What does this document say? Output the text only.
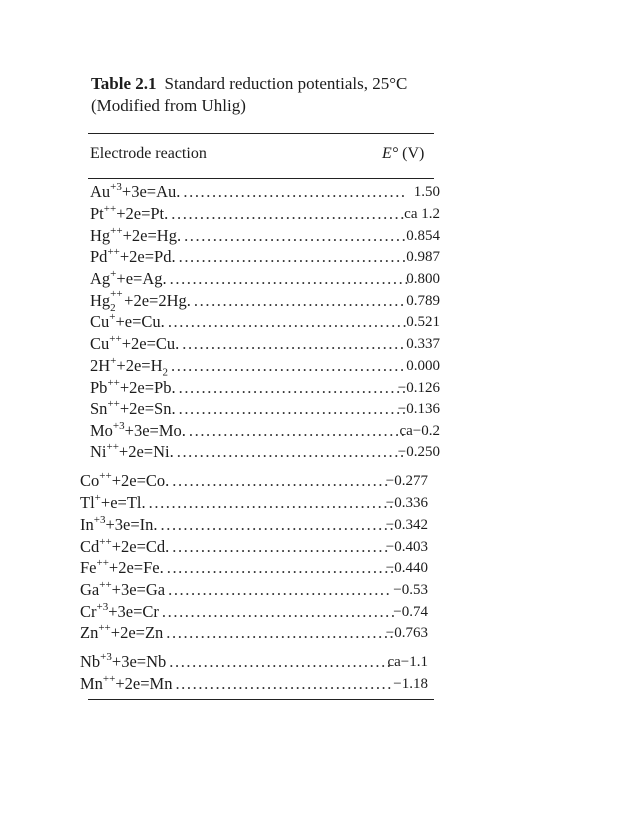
Table 2.1 Standard reduction potentials, 25°C
(Modified from Uhlig)
Electrode reaction	E° (V)
$Au^{+3}+3e=Au$. ....................................... 1.50
Pt+++2e=Pt. .........................................
ca 1.2
Hg+++2e=Hg. .......................................
0.854
Pd+++2e=Pd. ........................................
0.987
Ag++e=Ag. ..........................................
0.800
Hg ++
2 +2e=2Hg. ..................................... 0.789
Cu++e=Cu. ..........................................
0.521
Cu+++2e=Cu. ....................................... 0.337
$2H^++2e=H_2$ ......................................... 0.000
Pb+++2e=Pb. ........................................
−0.126
Sn+++2e=Sn. ........................................
−0.136
$Mo^{+3}+3e=Mo$. ......................................
ca−0.2
Ni+++2e=Ni. ........................................
−0.250
Co+++2e=Co. ......................................
−0.277
Tl++e=Tl. ...........................................
−0.336
$In^{+3}+3e=In$. .........................................
−0.342
Cd+++2e=Cd. ......................................
−0.403
Fe+++2e=Fe. ........................................
−0.440
Ga+++3e=Ga ....................................... −0.53
$Cr^{+3}+3e=Cr$ .........................................
−0.74
Zn+++2e=Zn ........................................
−0.763
$Nb^{+3}+3e=Nb$ .......................................
ca−1.1
Mn+++2e=Mn ...................................... −1.18
